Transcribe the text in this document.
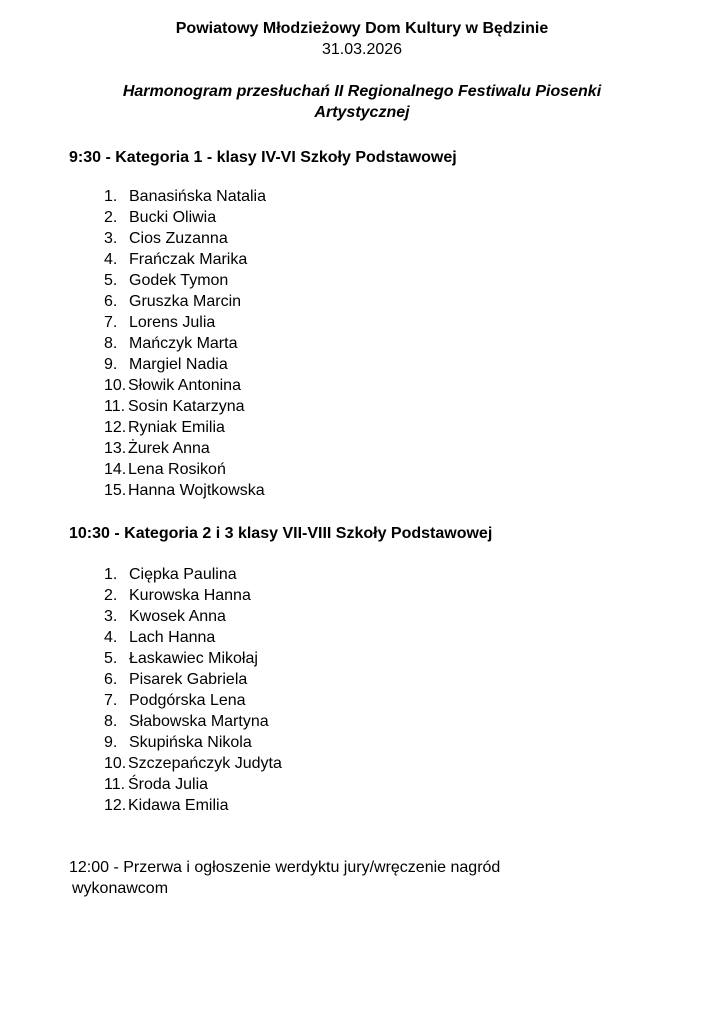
Powiatowy Młodzieżowy Dom Kultury w Będzinie

31.03.2026

Harmonogram przesłuchań II Regionalnego Festiwalu Piosenki
Artystycznej

9:30 - Kategoria 1 - klasy IV-VI Szkoły Podstawowej

1. Banasińska Natalia
2. Bucki Oliwia
3. Cios Zuzanna
4. Frańczak Marika
5. Godek Tymon
6. Gruszka Marcin
7. Lorens Julia
8. Mańczyk Marta
9. Margiel Nadia
10. Słowik Antonina
11. Sosin Katarzyna
12. Ryniak Emilia
13. Żurek Anna
14. Lena Rosikoń
15. Hanna Wojtkowska

10:30 - Kategoria 2 i 3 klasy VII-VIII Szkoły Podstawowej

1. Ciępka Paulina
2. Kurowska Hanna
3. Kwosek Anna
4. Lach Hanna
5. Łaskawiec Mikołaj
6. Pisarek Gabriela
7. Podgórska Lena
8. Słabowska Martyna
9. Skupińska Nikola
10. Szczepańczyk Judyta
11. Środa Julia
12. Kidawa Emilia
12:00 - Przerwa i ogłoszenie werdyktu jury/wręczenie nagród
wykonawcom
